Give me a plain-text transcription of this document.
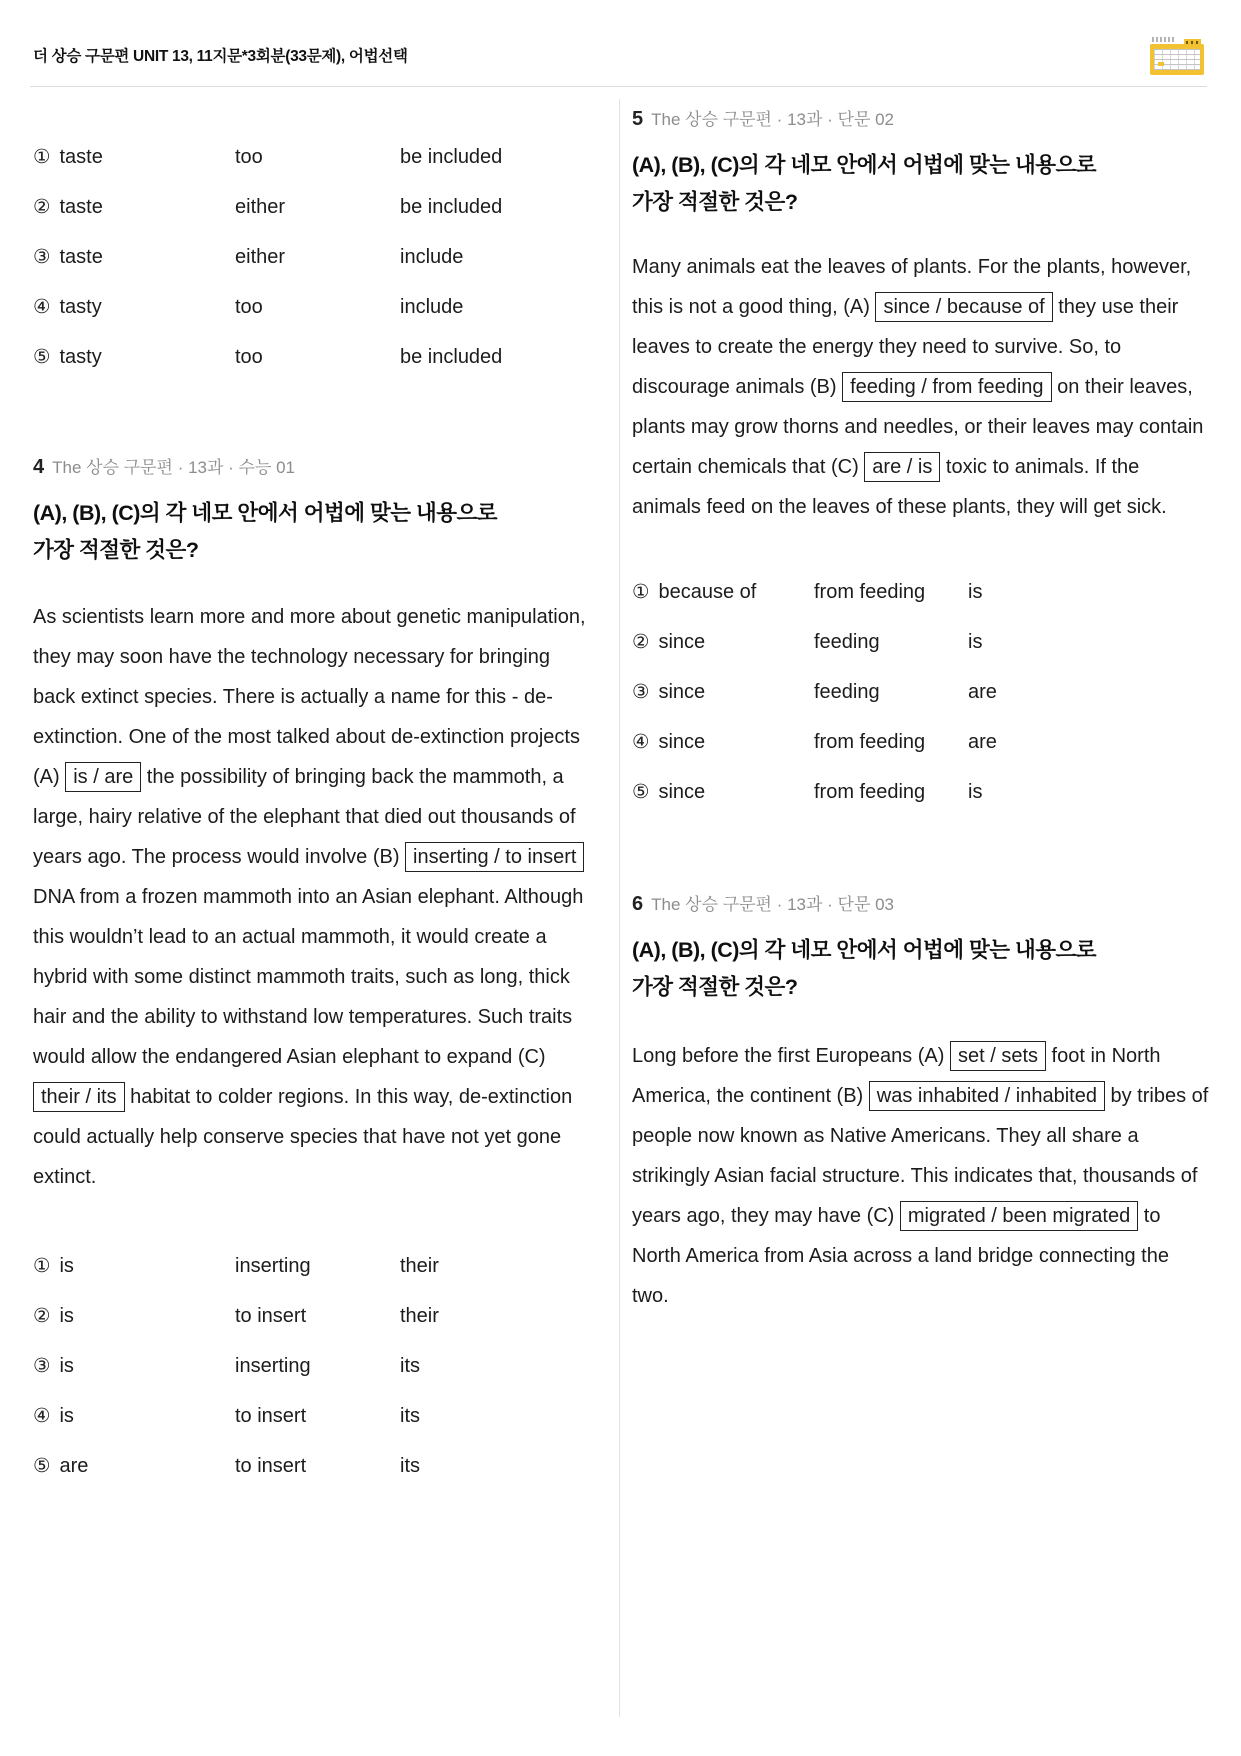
더 상승 구문편 UNIT 13, 11지문*3회분(33문제), 어법선택
① taste	too	be included
② taste	either	be included
③ taste	either	include
④ tasty	too	include
⑤ tasty	too	be included
4 The 상승 구문편 · 13과 · 수능 01
(A), (B), (C)의 각 네모 안에서 어법에 맞는 내용으로
가장 적절한 것은?

As scientists learn more and more about genetic manipulation, they may soon have the technology necessary for bringing back extinct species. There is actually a name for this - de-extinction. One of the most talked about de-extinction projects (A) is / are the possibility of bringing back the mammoth, a large, hairy relative of the elephant that died out thousands of years ago. The process would involve (B) inserting / to insert DNA from a frozen mammoth into an Asian elephant. Although this wouldn’t lead to an actual mammoth, it would create a hybrid with some distinct mammoth traits, such as long, thick hair and the ability to withstand low temperatures. Such traits would allow the endangered Asian elephant to expand (C) their / its habitat to colder regions. In this way, de-extinction could actually help conserve species that have not yet gone extinct.

① is	inserting	their
② is	to insert	their
③ is	inserting	its
④ is	to insert	its
⑤ are	to insert	its
5 The 상승 구문편 · 13과 · 단문 02
(A), (B), (C)의 각 네모 안에서 어법에 맞는 내용으로
가장 적절한 것은?

Many animals eat the leaves of plants. For the plants, however, this is not a good thing, (A) since / because of they use their leaves to create the energy they need to survive. So, to discourage animals (B) feeding / from feeding on their leaves, plants may grow thorns and needles, or their leaves may contain certain chemicals that (C) are / is toxic to animals. If the animals feed on the leaves of these plants, they will get sick.

① because of	from feeding	is
② since	feeding	is
③ since	feeding	are
④ since	from feeding	are
⑤ since	from feeding	is
6 The 상승 구문편 · 13과 · 단문 03
(A), (B), (C)의 각 네모 안에서 어법에 맞는 내용으로
가장 적절한 것은?

Long before the first Europeans (A) set / sets foot in North America, the continent (B) was inhabited / inhabited by tribes of people now known as Native Americans. They all share a strikingly Asian facial structure. This indicates that, thousands of years ago, they may have (C) migrated / been migrated to North America from Asia across a land bridge connecting the two.
